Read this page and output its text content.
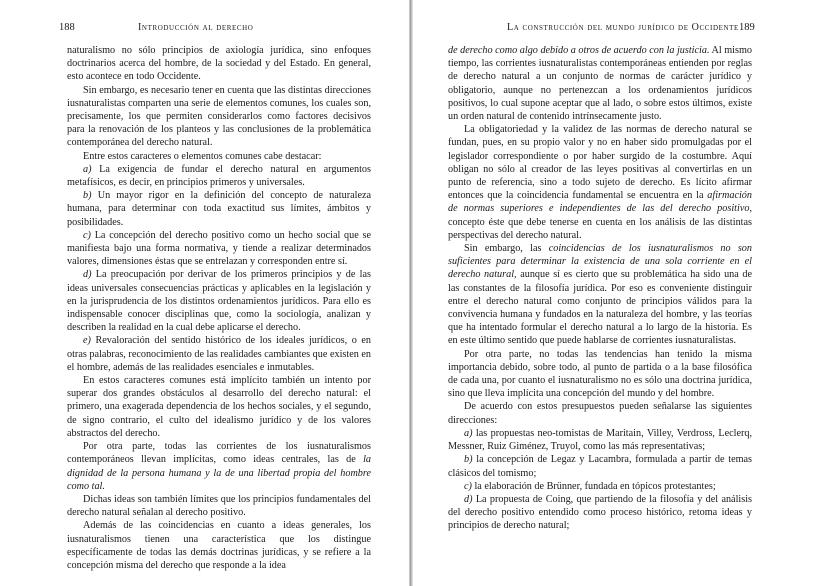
188	Introducción al derecho

naturalismo no sólo principios de axiología jurídica, sino enfoques doctrinarios acerca del hombre, de la sociedad y del Estado. En general, esto acontece en todo Occidente.

Sin embargo, es necesario tener en cuenta que las distintas direcciones iusnaturalistas comparten una serie de elementos comunes, los cuales son, precisamente, los que permiten considerarlos como factores decisivos para la renovación de los planteos y las conclusiones de la problemática contemporánea del derecho natural.

Entre estos caracteres o elementos comunes cabe destacar:

a) La exigencia de fundar el derecho natural en argumentos metafísicos, es decir, en principios primeros y universales.

b) Un mayor rigor en la definición del concepto de naturaleza humana, para determinar con toda exactitud sus límites, ámbitos y posibilidades.

c) La concepción del derecho positivo como un hecho social que se manifiesta bajo una forma normativa, y tiende a realizar determinados valores, dimensiones éstas que se entrelazan y corresponden entre sí.

d) La preocupación por derivar de los primeros principios y de las ideas universales consecuencias prácticas y aplicables en la legislación y en la jurisprudencia de los distintos ordenamientos jurídicos. Para ello es indispensable conocer disciplinas que, como la sociología, analizan y describen la realidad en la cual debe aplicarse el derecho.

e) Revaloración del sentido histórico de los ideales jurídicos, o en otras palabras, reconocimiento de las realidades cambiantes que existen en el hombre, además de las realidades esenciales e inmutables.

En estos caracteres comunes está implícito también un intento por superar dos grandes obstáculos al desarrollo del derecho natural: el primero, una exagerada dependencia de los hechos sociales, y el segundo, de signo contrario, el culto del idealismo jurídico y de los valores abstractos del derecho.

Por otra parte, todas las corrientes de los iusnaturalismos contemporáneos llevan implícitas, como ideas centrales, las de la dignidad de la persona humana y la de una libertad propia del hombre como tal.

Dichas ideas son también límites que los principios fundamentales del derecho natural señalan al derecho positivo.

Además de las coincidencias en cuanto a ideas generales, los iusnaturalismos tienen una característica que los distingue específicamente de todas las demás doctrinas jurídicas, y se refiere a la concepción misma del derecho que responde a la idea

La construcción del mundo jurídico de Occidente 189

de derecho como algo debido a otros de acuerdo con la justicia. Al mismo tiempo, las corrientes iusnaturalistas contemporáneas entienden por reglas de derecho natural a un conjunto de normas de carácter jurídico y obligatorio, aunque no pertenezcan a los ordenamientos jurídicos positivos, lo cual supone aceptar que al lado, o sobre estos últimos, existe un orden natural de contenido intrínsecamente justo.

La obligatoriedad y la validez de las normas de derecho natural se fundan, pues, en su propio valor y no en haber sido promulgadas por el legislador correspondiente o por haber surgido de la costumbre. Aquí obligan no sólo al creador de las leyes positivas al convertirlas en un punto de referencia, sino a todo sujeto de derecho. Es lícito afirmar entonces que la coincidencia fundamental se encuentra en la afirmación de normas superiores e independientes de las del derecho positivo, concepto éste que debe tenerse en cuenta en los análisis de las distintas perspectivas del derecho natural.

Sin embargo, las coincidencias de los iusnaturalismos no son suficientes para determinar la existencia de una sola corriente en el derecho natural, aunque sí es cierto que su problemática ha sido una de las constantes de la filosofía jurídica. Por eso es conveniente distinguir entre el derecho natural como conjunto de principios válidos para la convivencia humana y fundados en la naturaleza del hombre, y las teorías que ha intentado formular el derecho natural a lo largo de la historia. Es en este último sentido que puede hablarse de corrientes iusnaturalistas.

Por otra parte, no todas las tendencias han tenido la misma importancia debido, sobre todo, al punto de partida o a la base filosófica de cada una, por cuanto el iusnaturalismo no es sólo una doctrina jurídica, sino que lleva implícita una concepción del mundo y del hombre.

De acuerdo con estos presupuestos pueden señalarse las siguientes direcciones:

a) las propuestas neo-tomistas de Maritain, Villey, Verdross, Leclerq, Messner, Ruiz Giménez, Truyol, como las más representativas;

b) la concepción de Legaz y Lacambra, formulada a partir de temas clásicos del tomismo;

c) la elaboración de Brünner, fundada en tópicos protestantes;

d) La propuesta de Coing, que partiendo de la filosofía y del análisis del derecho positivo entendido como proceso histórico, retoma ideas y principios de derecho natural;
